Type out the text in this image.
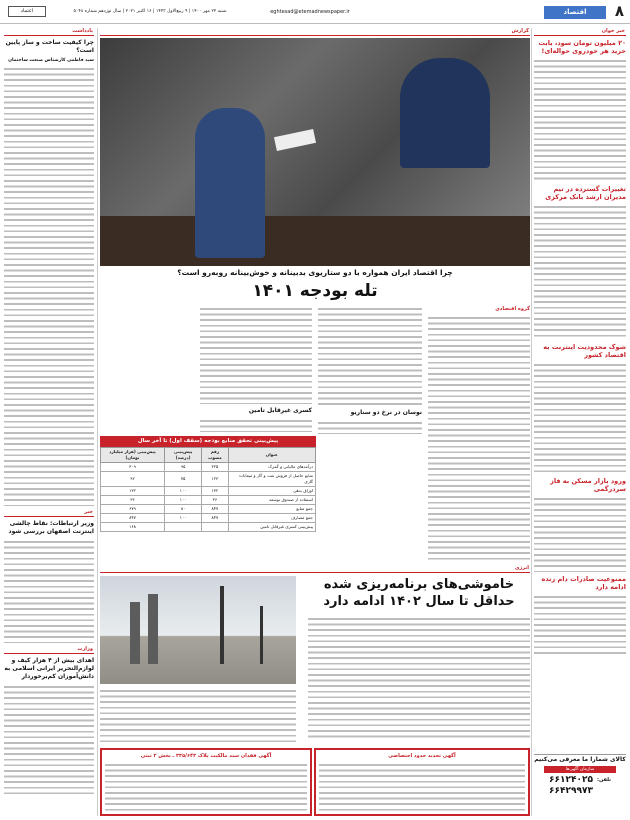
۸
اقتصاد
eghtesad@etemadnewspaper.ir
شنبه ۲۴ مهر ۱۴۰۰ | ۹ ربیع‌الاول ۱۴۴۳ | ۱۶ اکتبر ۲۰۲۱ | سال نوزدهم شماره ۵۰۴۸
اعتماد
خبر خوان
۲۰ میلیون تومان سود، بابت خرید هر خودروی حواله‌ای!
تغییرات گسترده در تیم مدیران ارشد بانک مرکزی
شوک محدودیت اینترنت به اقتصاد کشور
ورود بازار مسکن به فاز سردرگمی
ممنوعیت صادرات دام زنده ادامه دارد
کالای شمارا ما معرفی می‌کنیم
سازمان آگهی‌ها
تلفن:
۶۶۱۲۴۰۲۵
۶۶۴۲۹۹۷۳
یادداشت
چرا کیفیت ساخت و ساز پایین است؟
سید فاطمی کارشناس صنعت ساختمان
خبر
وزیر ارتباطات: نقاط چالشی اینترنت اصفهان بررسی شود
وزارت
اهدای بیش از ۴ هزار کیف و لوازم‌التحریر ایرانی اسلامی به دانش‌آموزان کم‌برخوردار
گزارش
چرا اقتصاد ایران همواره با دو ستاریوی بدبینانه و خوش‌بینانه روبه‌رو است؟
تله بودجه ۱۴۰۱
گروه اقتصادی
نوسان در نرخ دو سناریو
کسری غیرقابل تامین
پیش‌بینی تحقق منابع بودجه (سقف اول) تا آخر سال
عنوان	رقم مصوب	پیش‌بینی (درصد)	پیش‌بینی (هزار میلیارد تومان)
درآمدهای مالیاتی و گمرک	۳۲۵	۹۵	۳۰۹
منابع حاصل از فروش نفت و گاز و میعانات گازی	۱۲۳	۷۵	۹۲
اوراق بدهی	۱۳۲	۱۰۰	۱۳۲
استفاده از صندوق توسعه	۳۶	۱۰۰	۳۶
جمع منابع	۸۴۷	۸۰	۶۷۹
جمع مصارف	۸۴۷	۱۰۰	۸۴۷
پیش‌بینی کسری غیرقابل تامین			۱۶۸
انرژی
خاموشی‌های برنامه‌ریزی شده حداقل تا سال ۱۴۰۲ ادامه دارد
آگهی تحدید حدود اختصاصی
آگهی فقدان سند مالکیت پلاک ۳۳۵/۶۴۳ ـ بخش ۲ ثبتی
